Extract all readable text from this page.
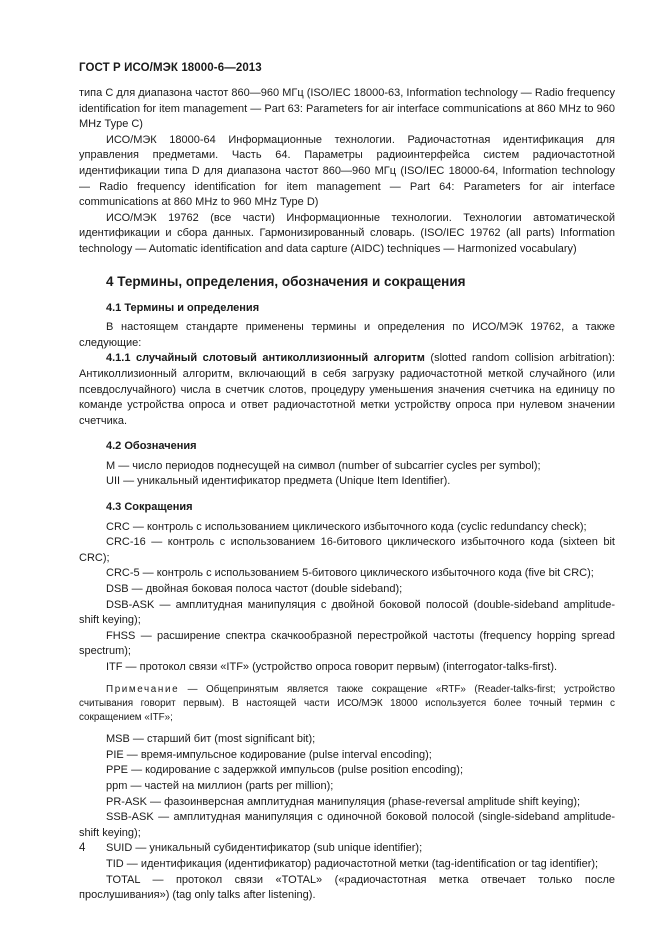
ГОСТ Р ИСО/МЭК 18000-6—2013

типа C для диапазона частот 860—960 МГц (ISO/IEC 18000-63, Information technology — Radio frequency identification for item management — Part 63: Parameters for air interface communications at 860 MHz to 960 MHz Type C)

ИСО/МЭК 18000-64 Информационные технологии. Радиочастотная идентификация для управления предметами. Часть 64. Параметры радиоинтерфейса систем радиочастотной идентификации типа D для диапазона частот 860—960 МГц (ISO/IEC 18000-64, Information technology — Radio frequency identification for item management — Part 64: Parameters for air interface communications at 860 MHz to 960 MHz Type D)

ИСО/МЭК 19762 (все части) Информационные технологии. Технологии автоматической идентификации и сбора данных. Гармонизированный словарь. (ISO/IEC 19762 (all parts) Information technology — Automatic identification and data capture (AIDC) techniques — Harmonized vocabulary)

4 Термины, определения, обозначения и сокращения

4.1 Термины и определения

В настоящем стандарте применены термины и определения по ИСО/МЭК 19762, а также следующие:

4.1.1 случайный слотовый антиколлизионный алгоритм (slotted random collision arbitration): Антиколлизионный алгоритм, включающий в себя загрузку радиочастотной меткой случайного (или псевдослучайного) числа в счетчик слотов, процедуру уменьшения значения счетчика на единицу по команде устройства опроса и ответ радиочастотной метки устройству опроса при нулевом значении счетчика.

4.2 Обозначения

M — число периодов поднесущей на символ (number of subcarrier cycles per symbol);

UII — уникальный идентификатор предмета (Unique Item Identifier).

4.3 Сокращения

CRC — контроль с использованием циклического избыточного кода (cyclic redundancy check);

CRC-16 — контроль с использованием 16-битового циклического избыточного кода (sixteen bit CRC);

CRC-5 — контроль с использованием 5-битового циклического избыточного кода (five bit CRC);

DSB — двойная боковая полоса частот (double sideband);

DSB-ASK — амплитудная манипуляция с двойной боковой полосой (double-sideband amplitude-shift keying);

FHSS — расширение спектра скачкообразной перестройкой частоты (frequency hopping spread spectrum);

ITF — протокол связи «ITF» (устройство опроса говорит первым) (interrogator-talks-first).

Примечание — Общепринятым является также сокращение «RTF» (Reader-talks-first; устройство считывания говорит первым). В настоящей части ИСО/МЭК 18000 используется более точный термин с сокращением «ITF»;

MSB — старший бит (most significant bit);

PIE — время-импульсное кодирование (pulse interval encoding);

PPE — кодирование с задержкой импульсов (pulse position encoding);

ppm — частей на миллион (parts per million);

PR-ASK — фазоинверсная амплитудная манипуляция (phase-reversal amplitude shift keying);

SSB-ASK — амплитудная манипуляция с одиночной боковой полосой (single-sideband amplitude-shift keying);

SUID — уникальный субидентификатор (sub unique identifier);

TID — идентификация (идентификатор) радиочастотной метки (tag-identification or tag identifier);

TOTAL — протокол связи «TOTAL» («радиочастотная метка отвечает только после прослушивания») (tag only talks after listening).

4
